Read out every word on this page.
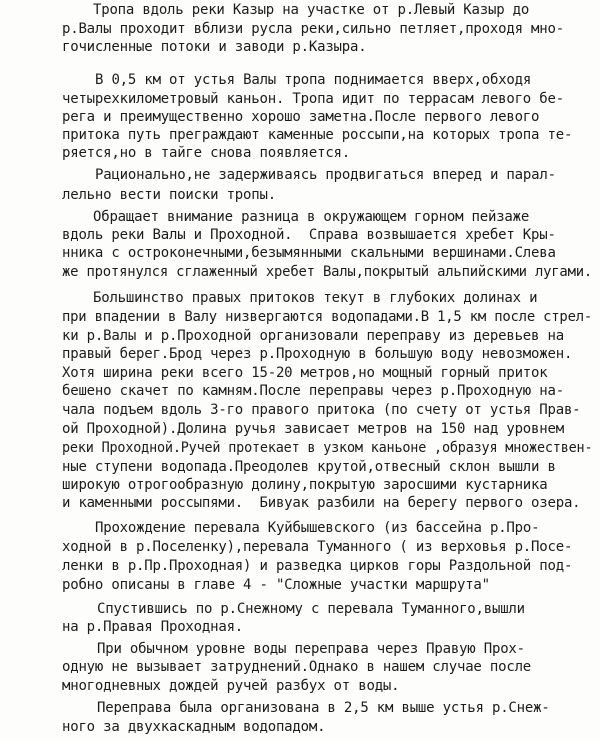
Тропа вдоль реки Казыр на участке от р.Левый Казыр до
р.Валы проходит вблизи русла реки,сильно петляет,проходя мно-
гочисленные потоки и заводи р.Казыра.
В 0,5 км от устья Валы тропа поднимается вверх,обходя
четырехкилометровый каньон. Тропа идит по террасам левого бе-
рега и преимущественно хорошо заметна.После первого левого
притока путь преграждают каменные россыпи,на которых тропа те-
ряется,но в тайге снова появляется.
Рационально,не задерживаясь продвигаться вперед и парал-
лельно вести поиски тропы.
Обращает внимание разница в окружающем горном пейзаже
вдоль реки Валы и Проходной.  Справа возвышается хребет Кры-
нника с остроконечными,безымянными скальными вершинами.Слева
же протянулся сглаженный хребет Валы,покрытый альпийскими лугами.
Большинство правых притоков текут в глубоких долинах и
при впадении в Валу низвергаются водопадами.В 1,5 км после стрел-
ки р.Валы и р.Проходной организовали переправу из деревьев на
правый берег.Брод через р.Проходную в большую воду невозможен.
Хотя ширина реки всего 15-20 метров,но мощный горный приток
бешено скачет по камням.После переправы через р.Проходную на-
чала подъем вдоль 3-го правого притока (по счету от устья Прав-
ой Проходной).Долина ручья зависает метров на 150 над уровнем
реки Проходной.Ручей протекает в узком каньоне ,образуя множествен-
ные ступени водопада.Преодолев крутой,отвесный склон вышли в
широкую отрогообразную долину,покрытую заросшими кустарника
и каменными россыпями.  Бивуак разбили на берегу первого озера.
Прохождение перевала Куйбышевского (из бассейна р.Про-
ходной в р.Поселенку),перевала Туманного ( из верховья р.Посе-
ленки в р.Пр.Проходная) и разведка цирков горы Раздольной под-
робно описаны в главе 4 - "Сложные участки маршрута"
Спустившись по р.Снежному с перевала Туманного,вышли
на р.Правая Проходная.
При обычном уровне воды переправа через Правую Прох-
одную не вызывает затруднений.Однако в нашем случае после
многодневных дождей ручей разбух от воды.
Переправа была организована в 2,5 км выше устья р.Снеж-
ного за двухкаскадным водопадом.
